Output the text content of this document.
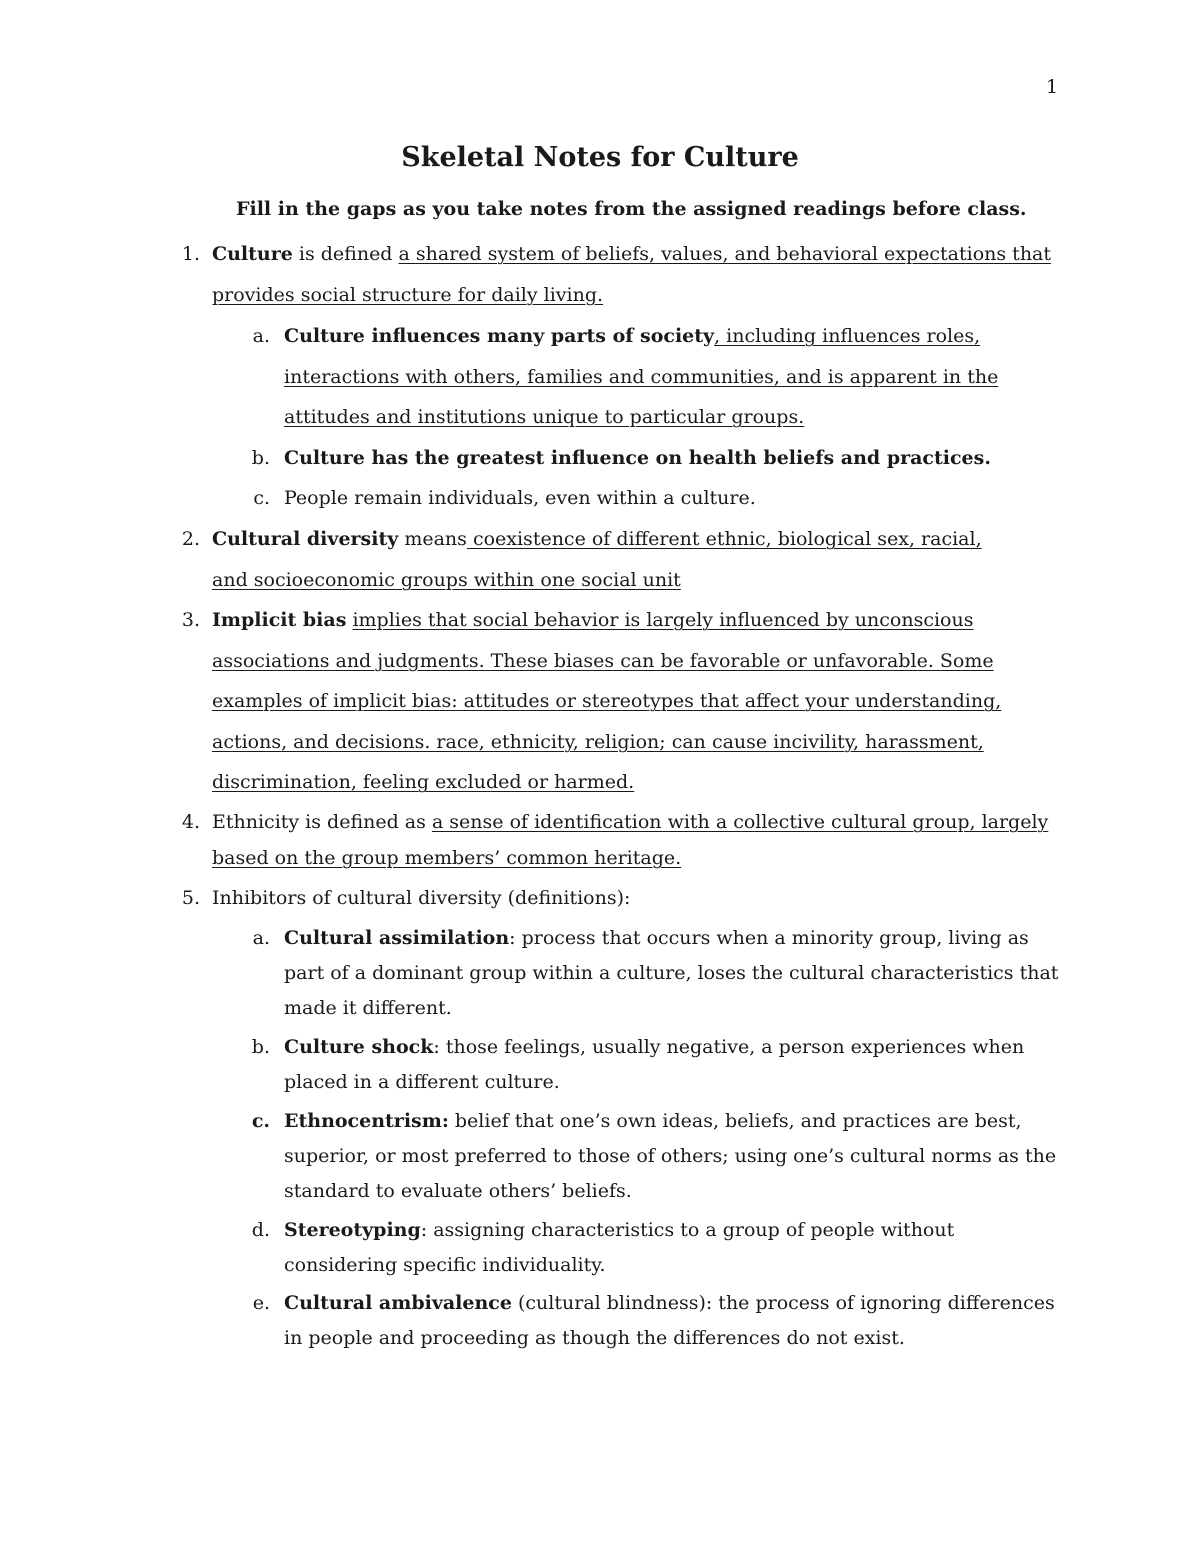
1
Skeletal Notes for Culture
Fill in the gaps as you take notes from the assigned readings before class.
1. Culture is defined a shared system of beliefs, values, and behavioral expectations that provides social structure for daily living.
a. Culture influences many parts of society, including influences roles, interactions with others, families and communities, and is apparent in the attitudes and institutions unique to particular groups.
b. Culture has the greatest influence on health beliefs and practices.
c. People remain individuals, even within a culture.
2. Cultural diversity means coexistence of different ethnic, biological sex, racial, and socioeconomic groups within one social unit
3. Implicit bias implies that social behavior is largely influenced by unconscious associations and judgments. These biases can be favorable or unfavorable. Some examples of implicit bias: attitudes or stereotypes that affect your understanding, actions, and decisions. race, ethnicity, religion; can cause incivility, harassment, discrimination, feeling excluded or harmed.
4. Ethnicity is defined as a sense of identification with a collective cultural group, largely based on the group members’ common heritage.
5. Inhibitors of cultural diversity (definitions):
a. Cultural assimilation: process that occurs when a minority group, living as part of a dominant group within a culture, loses the cultural characteristics that made it different.
b. Culture shock: those feelings, usually negative, a person experiences when placed in a different culture.
c. Ethnocentrism: belief that one’s own ideas, beliefs, and practices are best, superior, or most preferred to those of others; using one’s cultural norms as the standard to evaluate others’ beliefs.
d. Stereotyping: assigning characteristics to a group of people without considering specific individuality.
e. Cultural ambivalence (cultural blindness): the process of ignoring differences in people and proceeding as though the differences do not exist.
